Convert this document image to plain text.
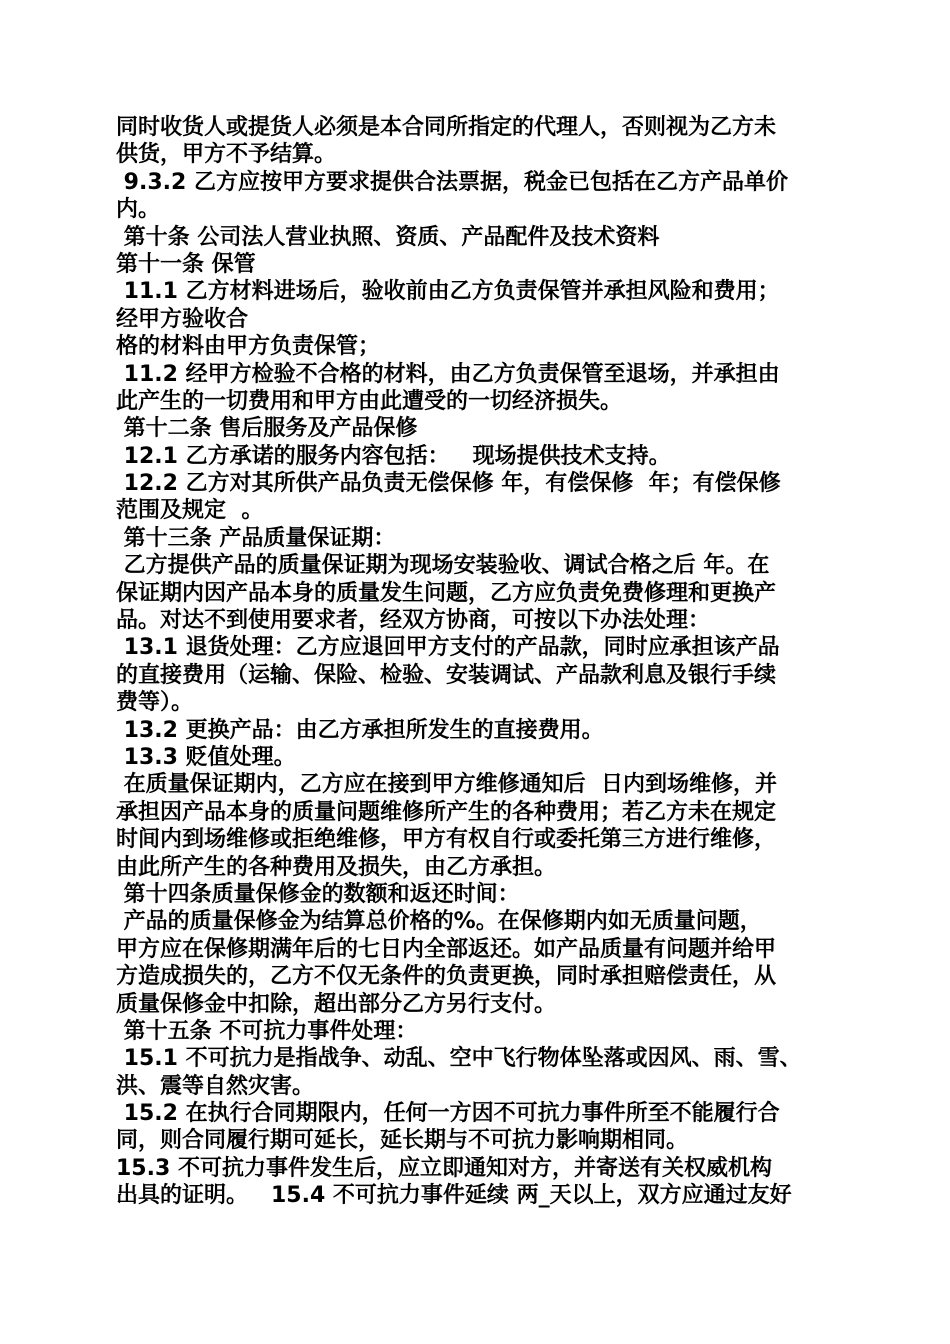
同时收货人或提货人必须是本合同所指定的代理人，否则视为乙方未
供货，甲方不予结算。
9.3.2 乙方应按甲方要求提供合法票据，税金已包括在乙方产品单价
内。
第十条 公司法人营业执照、资质、产品配件及技术资料
第十一条 保管
11.1 乙方材料进场后，验收前由乙方负责保管并承担风险和费用；
经甲方验收合
格的材料由甲方负责保管；
11.2 经甲方检验不合格的材料，由乙方负责保管至退场，并承担由
此产生的一切费用和甲方由此遭受的一切经济损失。
第十二条 售后服务及产品保修
12.1 乙方承诺的服务内容包括：   现场提供技术支持。
12.2 乙方对其所供产品负责无偿保修 年，有偿保修  年；有偿保修
范围及规定  。
第十三条 产品质量保证期：
乙方提供产品的质量保证期为现场安装验收、调试合格之后 年。在
保证期内因产品本身的质量发生问题，乙方应负责免费修理和更换产
品。对达不到使用要求者，经双方协商，可按以下办法处理：
13.1 退货处理：乙方应退回甲方支付的产品款，同时应承担该产品
的直接费用（运输、保险、检验、安装调试、产品款利息及银行手续
费等）。
13.2 更换产品：由乙方承担所发生的直接费用。
13.3 贬值处理。
在质量保证期内，乙方应在接到甲方维修通知后  日内到场维修，并
承担因产品本身的质量问题维修所产生的各种费用；若乙方未在规定
时间内到场维修或拒绝维修，甲方有权自行或委托第三方进行维修，
由此所产生的各种费用及损失，由乙方承担。
第十四条质量保修金的数额和返还时间：
产品的质量保修金为结算总价格的%。在保修期内如无质量问题，
甲方应在保修期满年后的七日内全部返还。如产品质量有问题并给甲
方造成损失的，乙方不仅无条件的负责更换，同时承担赔偿责任，从
质量保修金中扣除，超出部分乙方另行支付。
第十五条 不可抗力事件处理：
15.1 不可抗力是指战争、动乱、空中飞行物体坠落或因风、雨、雪、
洪、震等自然灾害。
15.2 在执行合同期限内，任何一方因不可抗力事件所至不能履行合
同，则合同履行期可延长，延长期与不可抗力影响期相同。
15.3 不可抗力事件发生后，应立即通知对方，并寄送有关权威机构
出具的证明。   15.4 不可抗力事件延续 两_天以上，双方应通过友好
